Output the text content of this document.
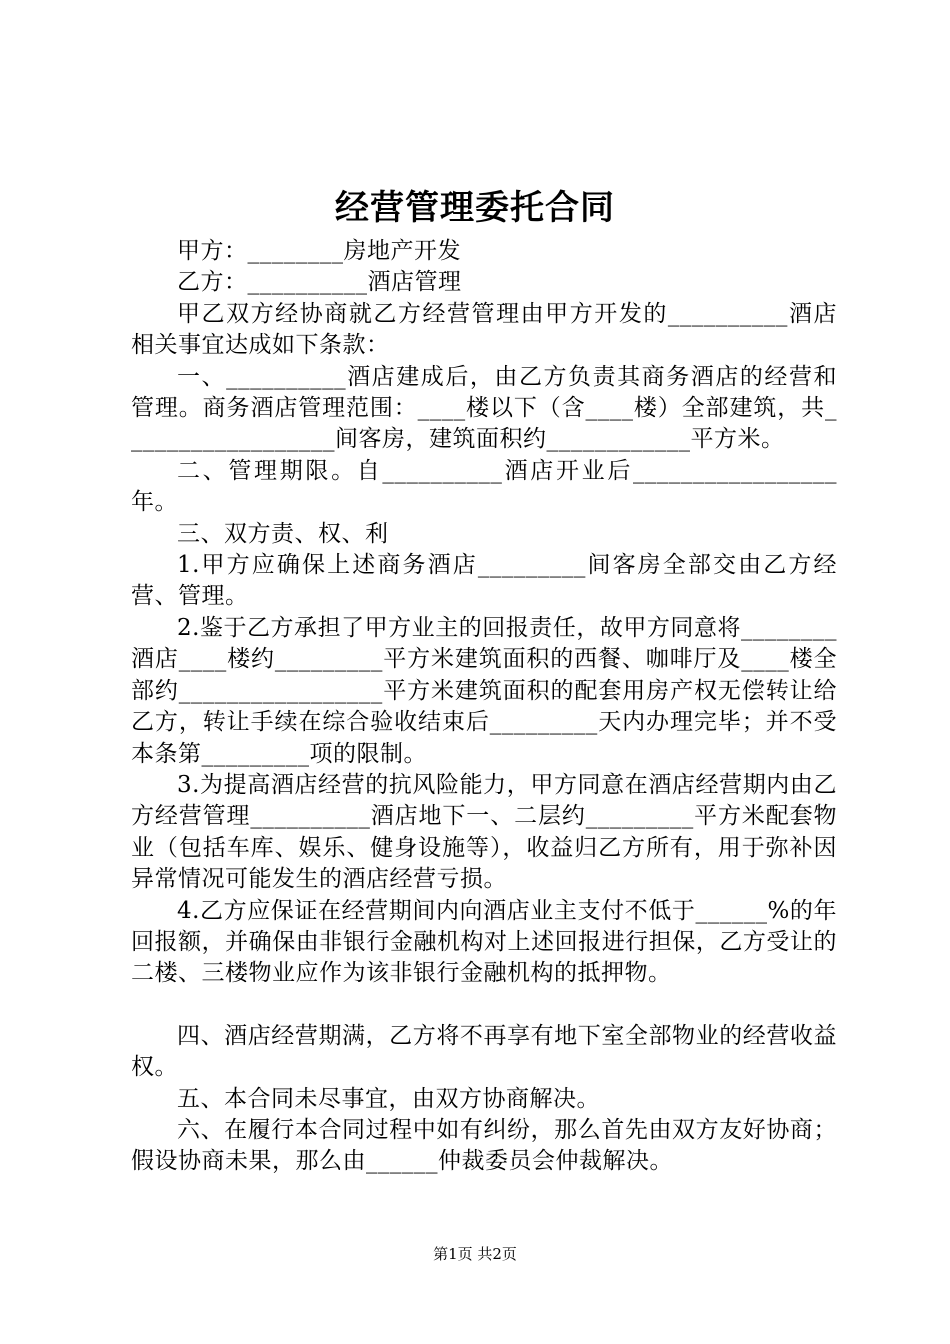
经营管理委托合同

甲方：________房地产开发

乙方：__________酒店管理

甲乙双方经协商就乙方经营管理由甲方开发的__________酒店相关事宜达成如下条款：

一、__________酒店建成后，由乙方负责其商务酒店的经营和管理。商务酒店管理范围：____楼以下（含____楼）全部建筑，共__________________间客房，建筑面积约____________平方米。

二、管理期限。自__________酒店开业后_________________年。

三、双方责、权、利

1.甲方应确保上述商务酒店_________间客房全部交由乙方经营、管理。

2.鉴于乙方承担了甲方业主的回报责任，故甲方同意将________酒店____楼约_________平方米建筑面积的西餐、咖啡厅及____楼全部约_________________平方米建筑面积的配套用房产权无偿转让给乙方，转让手续在综合验收结束后_________天内办理完毕；并不受本条第_________项的限制。

3.为提高酒店经营的抗风险能力，甲方同意在酒店经营期内由乙方经营管理__________酒店地下一、二层约_________平方米配套物业（包括车库、娱乐、健身设施等），收益归乙方所有，用于弥补因异常情况可能发生的酒店经营亏损。

4.乙方应保证在经营期间内向酒店业主支付不低于______%的年回报额，并确保由非银行金融机构对上述回报进行担保，乙方受让的二楼、三楼物业应作为该非银行金融机构的抵押物。

四、酒店经营期满，乙方将不再享有地下室全部物业的经营收益权。

五、本合同未尽事宜，由双方协商解决。

六、在履行本合同过程中如有纠纷，那么首先由双方友好协商；假设协商未果，那么由______仲裁委员会仲裁解决。

第1页 共2页
